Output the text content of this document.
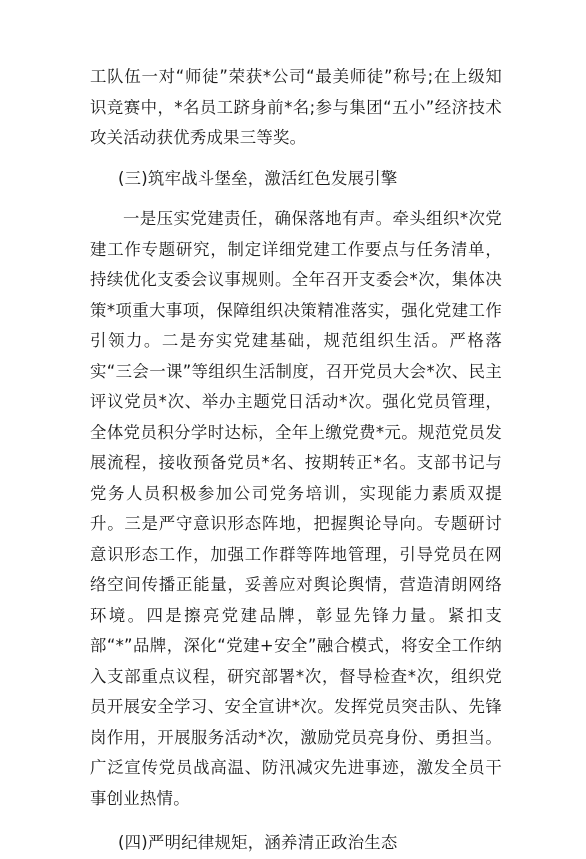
工队伍一对“师徒”荣获*公司“最美师徒”称号;在上级知识竞赛中，*名员工跻身前*名;参与集团“五小”经济技术攻关活动获优秀成果三等奖。

(三)筑牢战斗堡垒，激活红色发展引擎

一是压实党建责任，确保落地有声。牵头组织*次党建工作专题研究，制定详细党建工作要点与任务清单，持续优化支委会议事规则。全年召开支委会*次，集体决策*项重大事项，保障组织决策精准落实，强化党建工作引领力。二是夯实党建基础，规范组织生活。严格落实“三会一课”等组织生活制度，召开党员大会*次、民主评议党员*次、举办主题党日活动*次。强化党员管理，全体党员积分学时达标，全年上缴党费*元。规范党员发展流程，接收预备党员*名、按期转正*名。支部书记与党务人员积极参加公司党务培训，实现能力素质双提升。三是严守意识形态阵地，把握舆论导向。专题研讨意识形态工作，加强工作群等阵地管理，引导党员在网络空间传播正能量，妥善应对舆论舆情，营造清朗网络环境。四是擦亮党建品牌，彰显先锋力量。紧扣支部“*”品牌，深化“党建+安全”融合模式，将安全工作纳入支部重点议程，研究部署*次，督导检查*次，组织党员开展安全学习、安全宣讲*次。发挥党员突击队、先锋岗作用，开展服务活动*次，激励党员亮身份、勇担当。广泛宣传党员战高温、防汛减灾先进事迹，激发全员干事创业热情。

(四)严明纪律规矩，涵养清正政治生态
